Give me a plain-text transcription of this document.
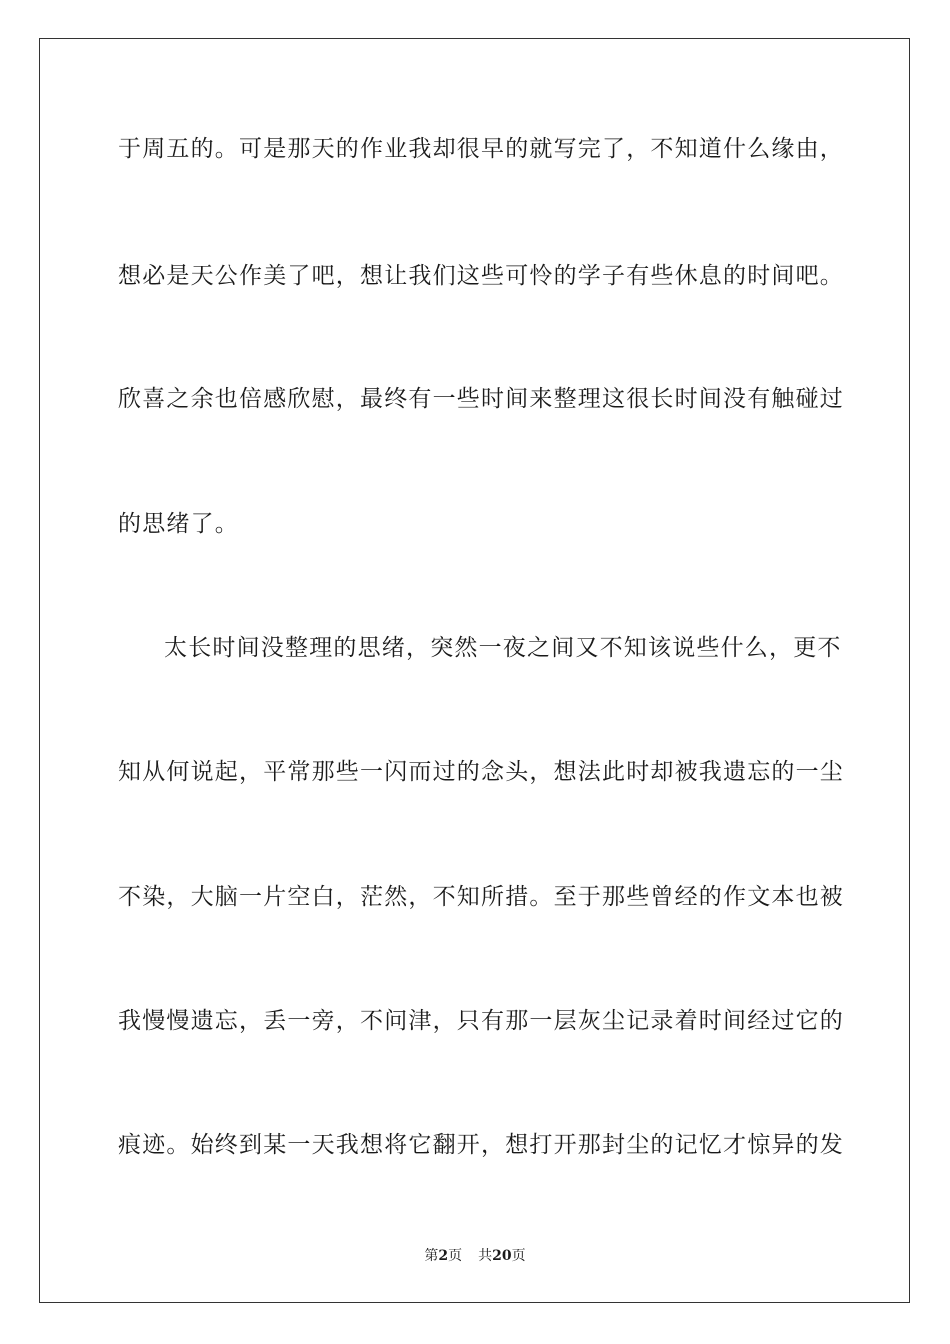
于周五的。可是那天的作业我却很早的就写完了，不知道什么缘由，
想必是天公作美了吧，想让我们这些可怜的学子有些休息的时间吧。
欣喜之余也倍感欣慰，最终有一些时间来整理这很长时间没有触碰过
的思绪了。
太长时间没整理的思绪，突然一夜之间又不知该说些什么，更不
知从何说起，平常那些一闪而过的念头，想法此时却被我遗忘的一尘
不染，大脑一片空白，茫然，不知所措。至于那些曾经的作文本也被
我慢慢遗忘，丢一旁，不问津，只有那一层灰尘记录着时间经过它的
痕迹。始终到某一天我想将它翻开，想打开那封尘的记忆才惊异的发
第2页 共20页
